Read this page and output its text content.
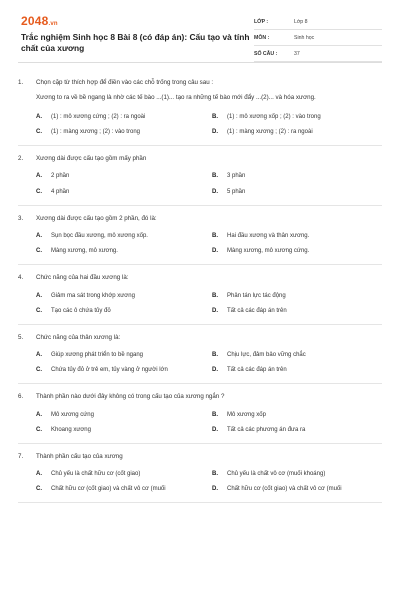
2048.vn
Trắc nghiệm Sinh học 8 Bài 8 (có đáp án): Cấu tạo và tính chất của xương
LỚP :	Lớp 8
MÔN :	Sinh học
SỐ CÂU :	37
1.	Chọn cặp từ thích hợp để điền vào các chỗ trống trong câu sau :
Xương to ra về bề ngang là nhờ các tế bào ...(1)... tạo ra những tế bào mới đẩy ...(2)... và hóa xương.
A.	(1) : mô xương cứng ; (2) : ra ngoài	B.	(1) : mô xương xốp ; (2) : vào trong
C.	(1) : màng xương ; (2) : vào trong	D.	(1) : màng xương ; (2) : ra ngoài
2.	Xương dài được cấu tạo gồm mấy phần
A.	2 phần	B.	3 phần
C.	4 phần	D.	5 phần
3.	Xương dài được cấu tạo gồm 2 phần, đó là:
A.	Sụn bọc đầu xương, mô xương xốp.	B.	Hai đầu xương và thân xương.
C.	Màng xương, mô xương.	D.	Màng xương, mô xương cứng.
4.	Chức năng của hai đầu xương là:
A.	Giảm ma sát trong khớp xương	B.	Phân tán lực tác động
C.	Tạo các ô chứa tủy đỏ	D.	Tất cả các đáp án trên
5.	Chức năng của thân xương là:
A.	Giúp xương phát triển to bề ngang	B.	Chịu lực, đảm bảo vững chắc
C.	Chứa tủy đỏ ở trẻ em, tủy vàng ở người lớn	D.	Tất cả các đáp án trên
6.	Thành phần nào dưới đây không có trong cấu tạo của xương ngắn ?
A.	Mô xương cứng	B.	Mô xương xốp
C.	Khoang xương	D.	Tất cả các phương án đưa ra
7.	Thành phần cấu tạo của xương
A.	Chủ yếu là chất hữu cơ (cốt giao)	B.	Chủ yếu là chất vô cơ (muối khoáng)
C.	Chất hữu cơ (cốt giao) và chất vô cơ (muối	D.	Chất hữu cơ (cốt giao) và chất vô cơ (muối
